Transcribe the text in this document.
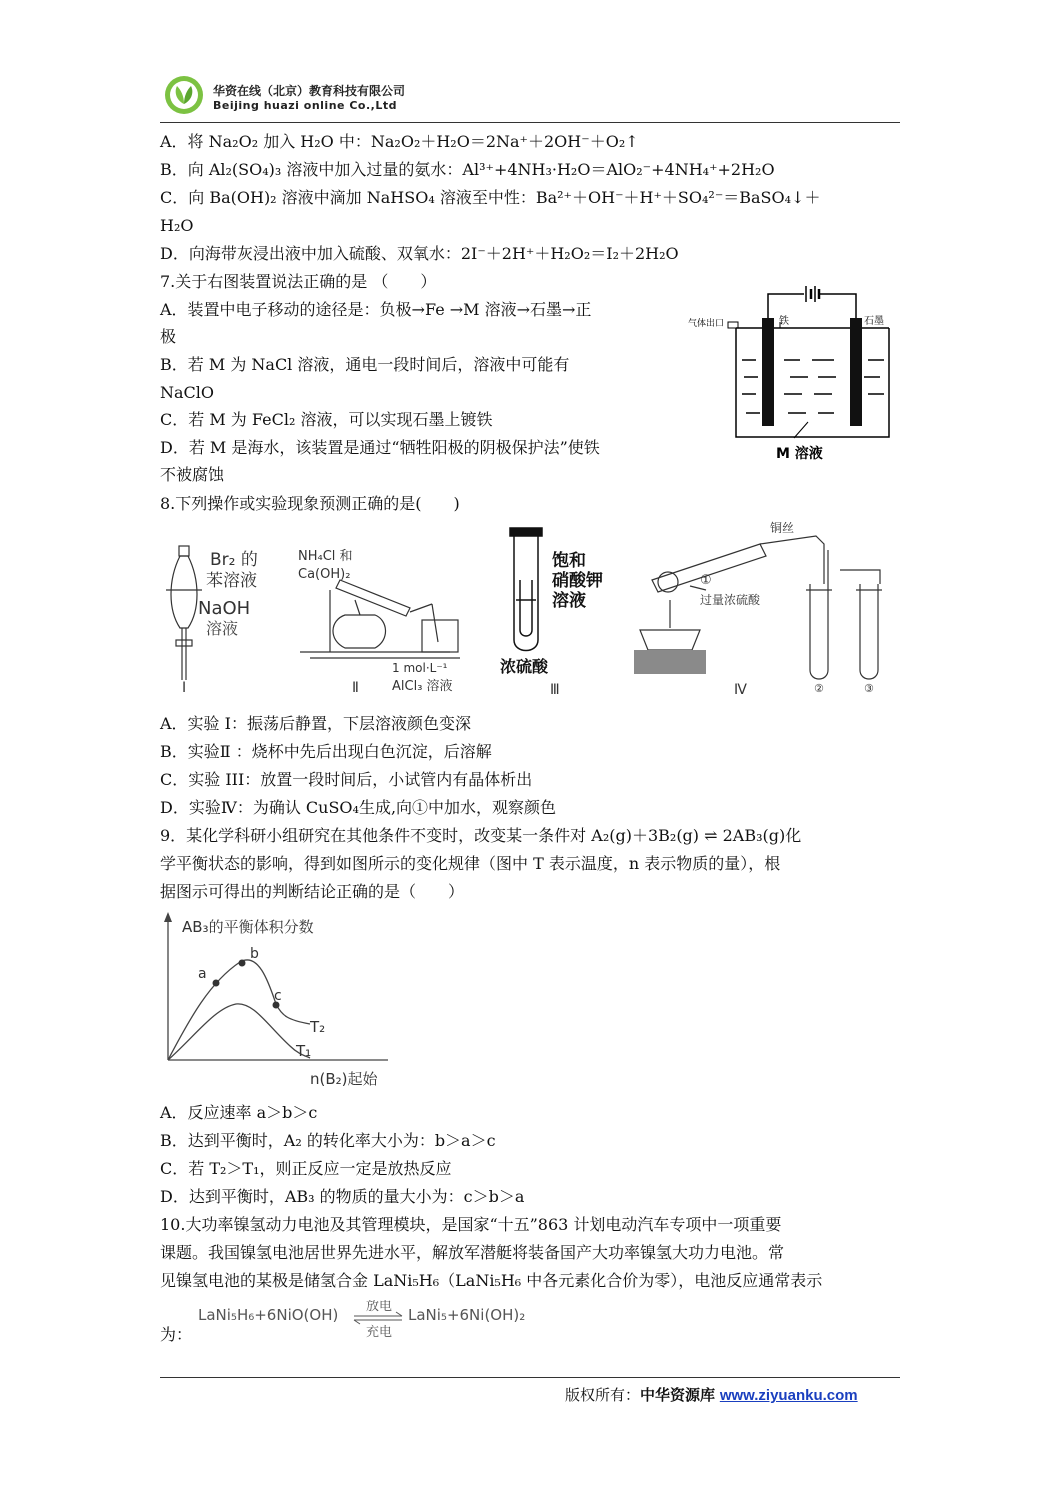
华资在线（北京）教育科技有限公司
Beijing huazi online Co.,Ltd
A．将 Na₂O₂ 加入 H₂O 中：Na₂O₂＋H₂O＝2Na⁺＋2OH⁻＋O₂↑
B．向 Al₂(SO₄)₃ 溶液中加入过量的氨水：Al³⁺+4NH₃·H₂O＝AlO₂⁻+4NH₄⁺+2H₂O
C．向 Ba(OH)₂ 溶液中滴加 NaHSO₄ 溶液至中性：Ba²⁺＋OH⁻＋H⁺＋SO₄²⁻＝BaSO₄↓＋
H₂O
D．向海带灰浸出液中加入硫酸、双氧水：2I⁻＋2H⁺＋H₂O₂＝I₂＋2H₂O
7.关于右图装置说法正确的是 （　　）
A．装置中电子移动的途径是：负极→Fe →M 溶液→石墨→正
极
B．若 M 为 NaCl 溶液，通电一段时间后，溶液中可能有
NaClO
C．若 M 为 FeCl₂ 溶液，可以实现石墨上镀铁
D．若 M 是海水，该装置是通过“牺牲阳极的阴极保护法”使铁
不被腐蚀
8.下列操作或实验现象预测正确的是(　　)
A．实验 I：振荡后静置，下层溶液颜色变深
B．实验Ⅱ ：烧杯中先后出现白色沉淀，后溶解
C．实验 III：放置一段时间后，小试管内有晶体析出
D．实验Ⅳ：为确认 CuSO₄生成,向①中加水，观察颜色
9．某化学科研小组研究在其他条件不变时，改变某一条件对 A₂(g)＋3B₂(g) ⇌ 2AB₃(g)化
学平衡状态的影响，得到如图所示的变化规律（图中 T 表示温度，n 表示物质的量），根
据图示可得出的判断结论正确的是（　　）
A．反应速率 a＞b＞c
B．达到平衡时，A₂ 的转化率大小为：b＞a＞c
C．若 T₂＞T₁，则正反应一定是放热反应
D．达到平衡时，AB₃ 的物质的量大小为：c＞b＞a
10.大功率镍氢动力电池及其管理模块，是国家“十五”863 计划电动汽车专项中一项重要
课题。我国镍氢电池居世界先进水平，解放军潜艇将装备国产大功率镍氢大功力电池。常
见镍氢电池的某极是储氢合金 LaNi₅H₆（LaNi₅H₆ 中各元素化合价为零），电池反应通常表示
为：
气体出口	铁	石墨
M 溶液
Br₂ 的
苯溶液
NaOH
溶液
Ⅰ
NH₄Cl 和
Ca(OH)₂
1 mol·L⁻¹
AlCl₃ 溶液
Ⅱ
饱和
硝酸钾
溶液
浓硫酸
Ⅲ
铜丝
①
过量浓硫酸
Ⅳ	②	③
AB₃的平衡体积分数
n(B₂)起始
a
b
c
T₂
T₁
LaNi₅H₆+6NiO(OH) 放电
充电
LaNi₅+6Ni(OH)₂
版权所有：中华资源库 www.ziyuanku.com
